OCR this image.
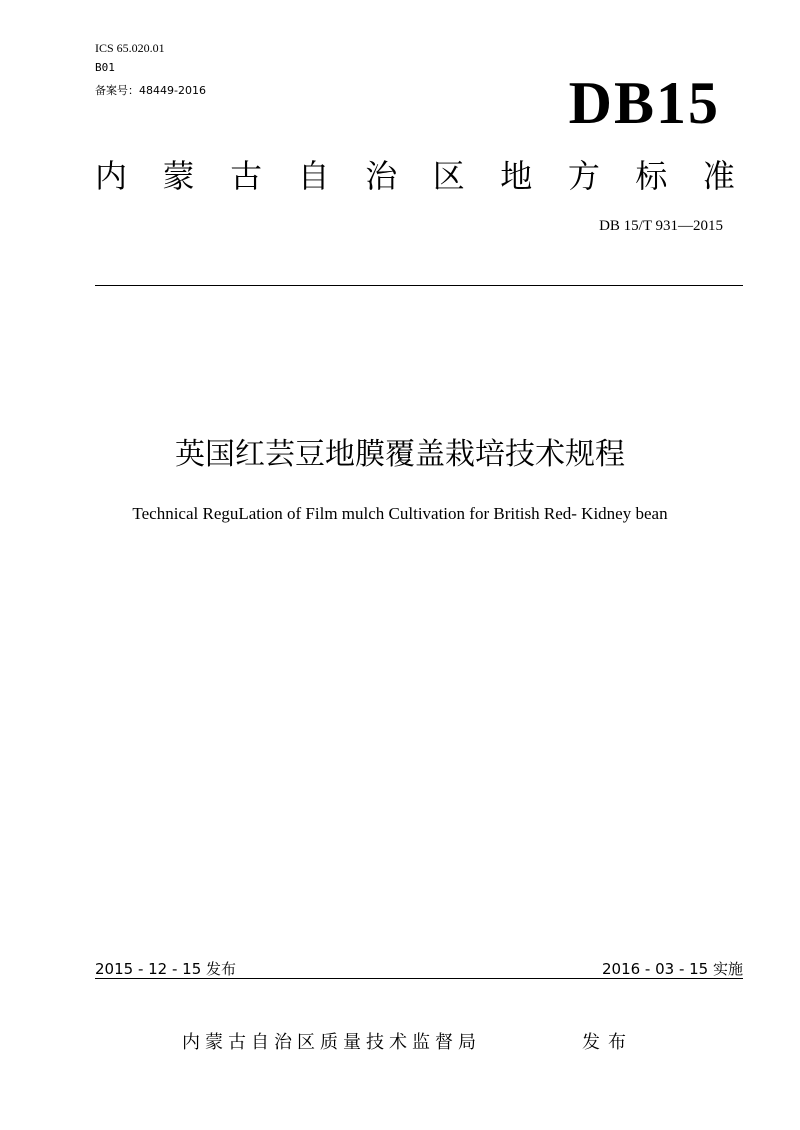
ICS 65.020.01
B01
备案号：48449-2016	DB15
内 蒙 古 自 治 区 地 方 标 准
DB 15/T 931—2015
英国红芸豆地膜覆盖栽培技术规程
Technical ReguLation of Film mulch Cultivation for British Red- Kidney bean
2015 - 12 - 15 发布	2016 - 03 - 15 实施
内蒙古自治区质量技术监督局	发布
